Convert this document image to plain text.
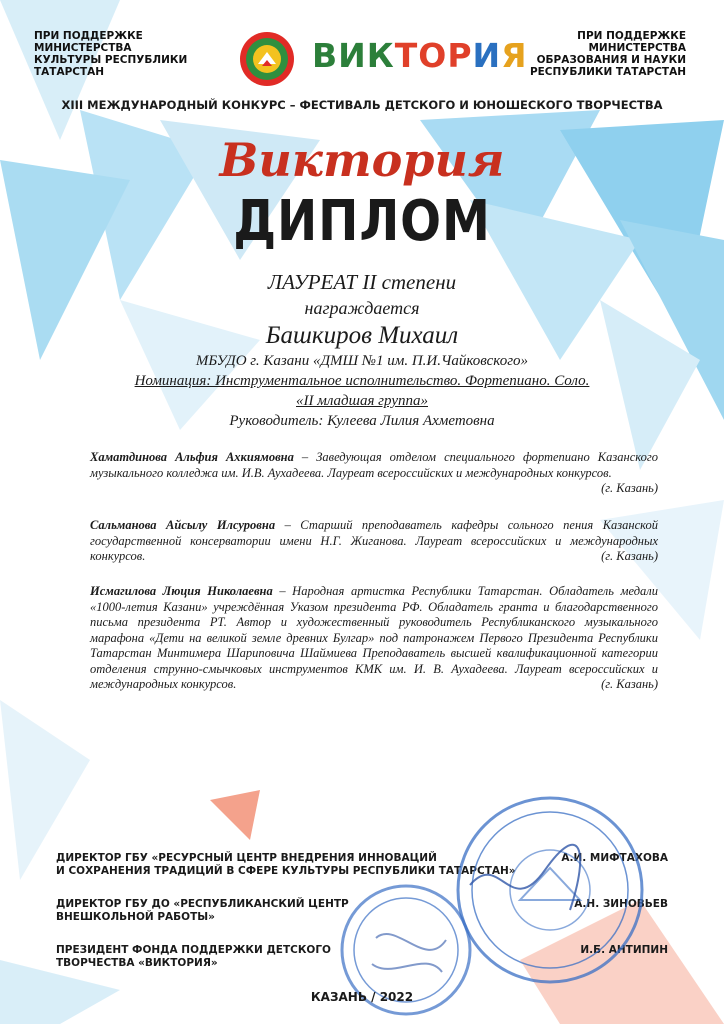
ПРИ ПОДДЕРЖКЕ
МИНИСТЕРСТВА
КУЛЬТУРЫ РЕСПУБЛИКИ
ТАТАРСТАН	ВИКТОРИЯ	ПРИ ПОДДЕРЖКЕ
МИНИСТЕРСТВА
ОБРАЗОВАНИЯ И НАУКИ
РЕСПУБЛИКИ ТАТАРСТАН
XIII МЕЖДУНАРОДНЫЙ КОНКУРС – ФЕСТИВАЛЬ ДЕТСКОГО И ЮНОШЕСКОГО ТВОРЧЕСТВА
Виктория
ДИПЛОМ
ЛАУРЕАТ II степени
награждается
Башкиров Михаил
МБУДО г. Казани «ДМШ №1 им. П.И.Чайковского»
Номинация: Инструментальное исполнительство. Фортепиано. Соло.
«II младшая группа»
Руководитель: Кулеева Лилия Ахметовна
Хаматдинова Альфия Ахкиямовна – Заведующая отделом специального фортепиано Казанского музыкального колледжа им. И.В. Аухадеева. Лауреат всероссийских и международных конкурсов.
(г. Казань)
Сальманова Айсылу Илсуровна – Старший преподаватель кафедры сольного пения Казанской государственной консерватории имени Н.Г. Жиганова. Лауреат всероссийских и международных конкурсов.	(г. Казань)
Исмагилова Люция Николаевна – Народная артистка Республики Татарстан. Обладатель медали «1000-летия Казани» учреждённая Указом президента РФ. Обладатель гранта и благодарственного письма президента РТ. Автор и художественный руководитель Республиканского музыкального марафона «Дети на великой земле древних Булгар» под патронажем Первого Президента Республики Татарстан Минтимера Шариповича Шаймиева Преподаватель высшей квалификационной категории отделения струнно-смычковых инструментов КМК им. И. В. Аухадеева. Лауреат всероссийских и международных конкурсов.	(г. Казань)
ДИРЕКТОР ГБУ «РЕСУРСНЫЙ ЦЕНТР ВНЕДРЕНИЯ ИННОВАЦИЙ
И СОХРАНЕНИЯ ТРАДИЦИЙ В СФЕРЕ КУЛЬТУРЫ РЕСПУБЛИКИ ТАТАРСТАН»
А.И. МИФТАХОВА
ДИРЕКТОР ГБУ ДО «РЕСПУБЛИКАНСКИЙ ЦЕНТР
ВНЕШКОЛЬНОЙ РАБОТЫ»
А.Н. ЗИНОВЬЕВ
ПРЕЗИДЕНТ ФОНДА ПОДДЕРЖКИ ДЕТСКОГО
ТВОРЧЕСТВА «ВИКТОРИЯ»
И.Б. АНТИПИН
КАЗАНЬ / 2022
